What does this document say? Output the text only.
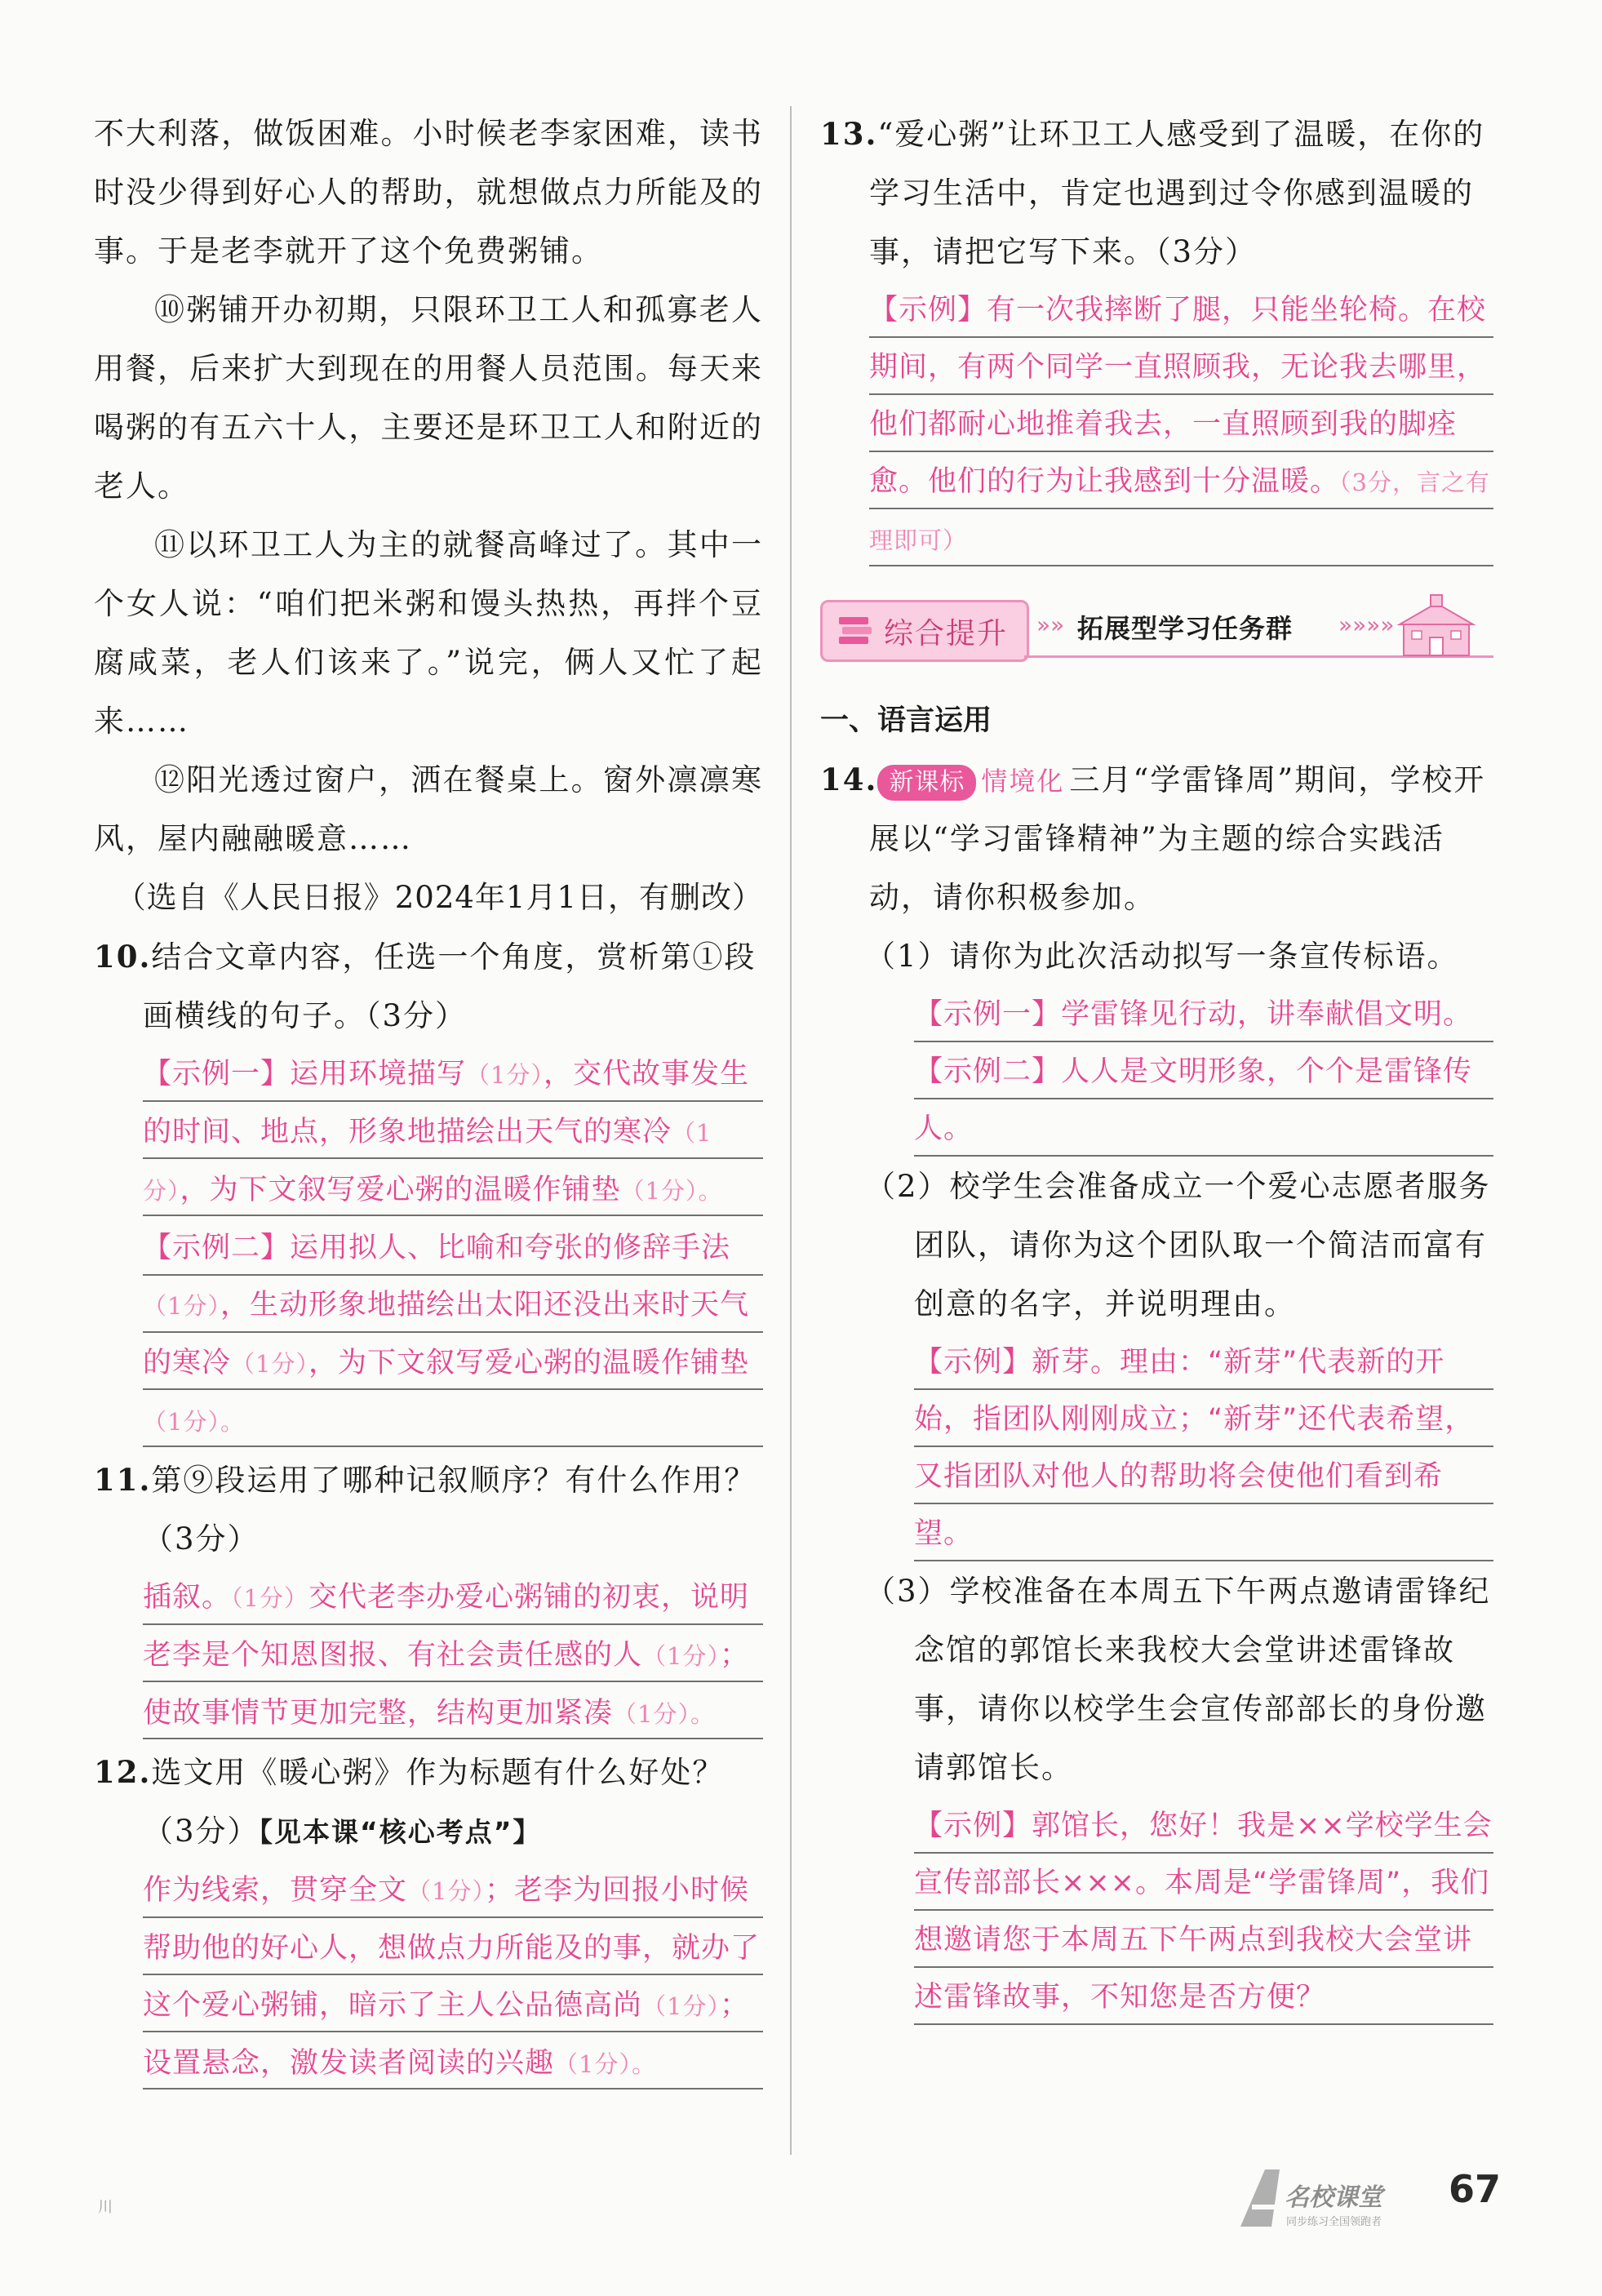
不大利落，做饭困难。小时候老李家困难，读书时没少得到好心人的帮助，就想做点力所能及的事。于是老李就开了这个免费粥铺。

⑩粥铺开办初期，只限环卫工人和孤寡老人用餐，后来扩大到现在的用餐人员范围。每天来喝粥的有五六十人，主要还是环卫工人和附近的老人。

⑪以环卫工人为主的就餐高峰过了。其中一个女人说：“咱们把米粥和馒头热热，再拌个豆腐咸菜，老人们该来了。”说完，俩人又忙了起来……

⑫阳光透过窗户，洒在餐桌上。窗外凛凛寒风，屋内融融暖意……

（选自《人民日报》2024年1月1日，有删改）

10.结合文章内容，任选一个角度，赏析第①段画横线的句子。（3分）

【示例一】运用环境描写（1分），交代故事发生的时间、地点，形象地描绘出天气的寒冷（1分），为下文叙写爱心粥的温暖作铺垫（1分）。

【示例二】运用拟人、比喻和夸张的修辞手法（1分），生动形象地描绘出太阳还没出来时天气的寒冷（1分），为下文叙写爱心粥的温暖作铺垫（1分）。

11.第⑨段运用了哪种记叙顺序？有什么作用？（3分）

插叙。（1分）交代老李办爱心粥铺的初衷，说明老李是个知恩图报、有社会责任感的人（1分）；使故事情节更加完整，结构更加紧凑（1分）。

12.选文用《暖心粥》作为标题有什么好处？（3分）【见本课“核心考点”】

作为线索，贯穿全文（1分）；老李为回报小时候帮助他的好心人，想做点力所能及的事，就办了这个爱心粥铺，暗示了主人公品德高尚（1分）；设置悬念，激发读者阅读的兴趣（1分）。

13.“爱心粥”让环卫工人感受到了温暖，在你的学习生活中，肯定也遇到过令你感到温暖的事，请把它写下来。（3分）

【示例】有一次我摔断了腿，只能坐轮椅。在校期间，有两个同学一直照顾我，无论我去哪里，他们都耐心地推着我去，一直照顾到我的脚痊愈。他们的行为让我感到十分温暖。（3分，言之有理即可）

综合提升 »» 拓展型学习任务群 »»»»

一、语言运用

14. 新课标 情境化 三月“学雷锋周”期间，学校开展以“学习雷锋精神”为主题的综合实践活动，请你积极参加。

（1）请你为此次活动拟写一条宣传标语。

【示例一】学雷锋见行动，讲奉献倡文明。

【示例二】人人是文明形象，个个是雷锋传人。

（2）校学生会准备成立一个爱心志愿者服务团队，请你为这个团队取一个简洁而富有创意的名字，并说明理由。

【示例】新芽。理由：“新芽”代表新的开始，指团队刚刚成立；“新芽”还代表希望，又指团队对他人的帮助将会使他们看到希望。

（3）学校准备在本周五下午两点邀请雷锋纪念馆的郭馆长来我校大会堂讲述雷锋故事，请你以校学生会宣传部部长的身份邀请郭馆长。

【示例】郭馆长，您好！我是××学校学生会宣传部部长×××。本周是“学雷锋周”，我们想邀请您于本周五下午两点到我校大会堂讲述雷锋故事，不知您是否方便？

川	名校课堂
同步练习全国领跑者
67
